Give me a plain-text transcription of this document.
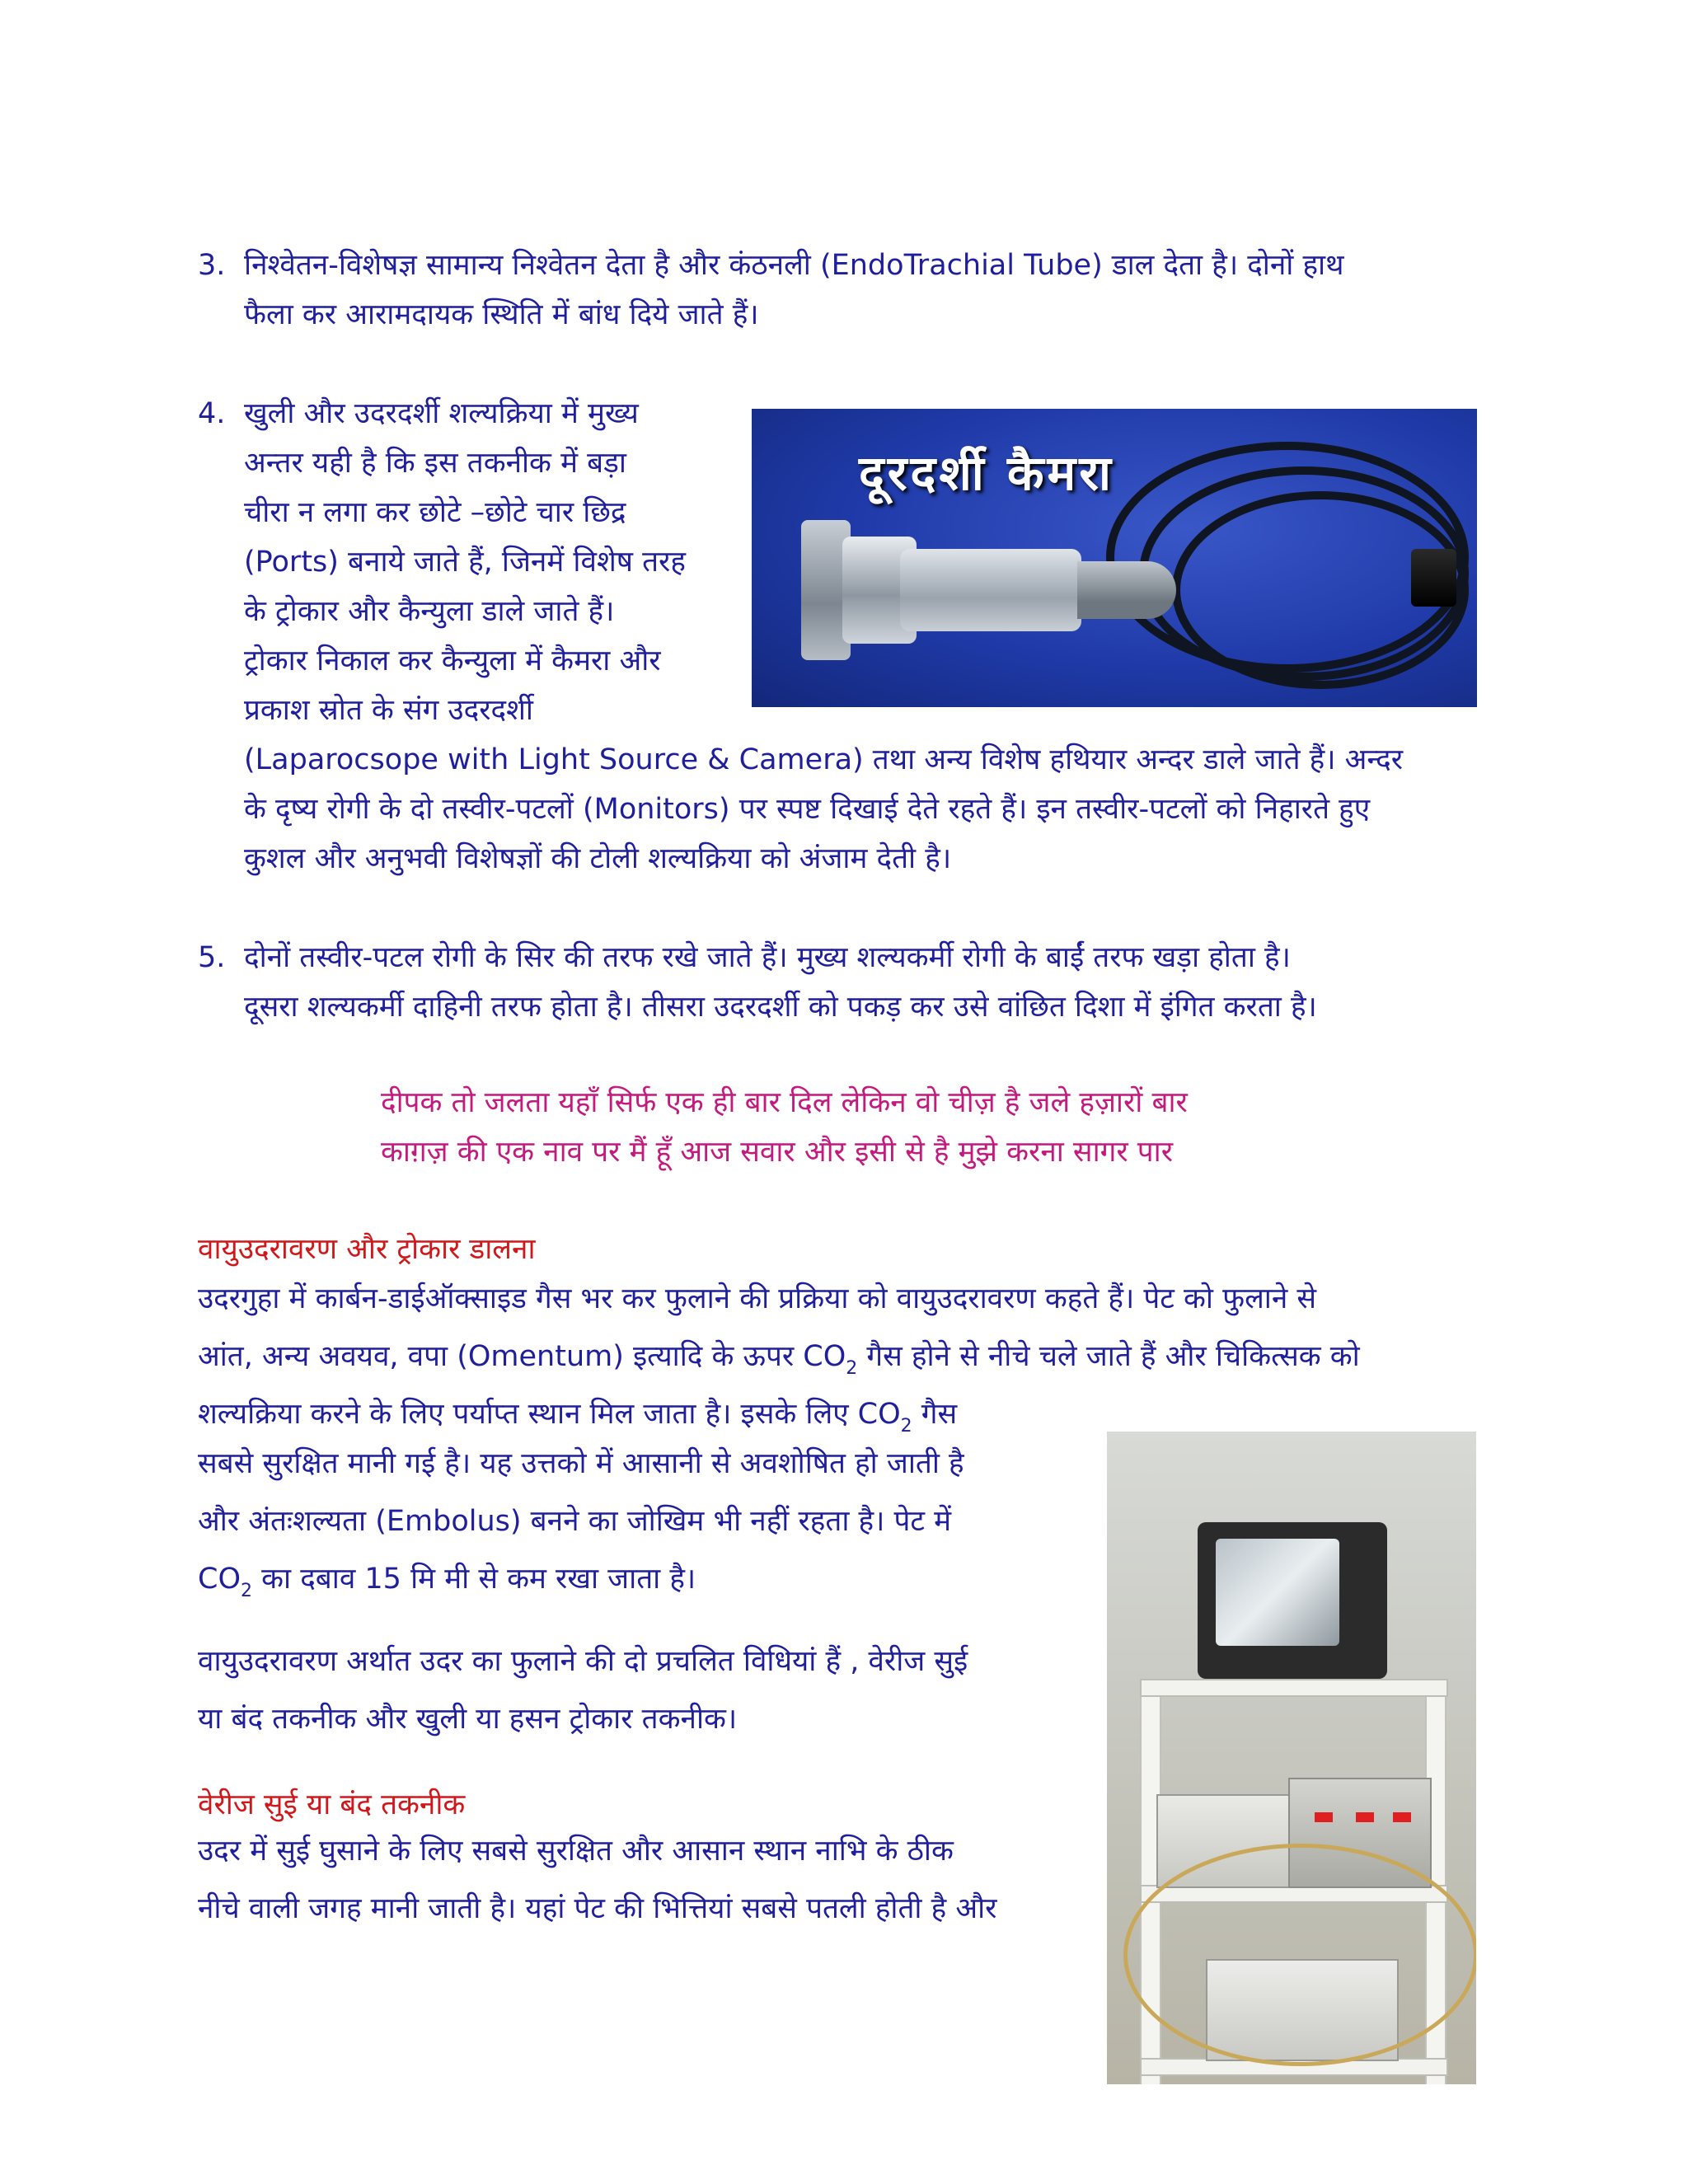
3. निश्वेतन-विशेषज्ञ सामान्य निश्वेतन देता है और कंठनली (EndoTrachial Tube) डाल देता है। दोनों हाथ
फैला कर आरामदायक स्थिति में बांध दिये जाते हैं।
4. खुली और उदरदर्शी शल्यक्रिया में मुख्य
अन्तर यही है कि इस तकनीक में बड़ा
चीरा न लगा कर छोटे –छोटे चार छिद्र
(Ports) बनाये जाते हैं, जिनमें विशेष तरह
के ट्रोकार और कैन्युला डाले जाते हैं।
ट्रोकार निकाल कर कैन्युला में कैमरा और
प्रकाश स्रोत के संग उदरदर्शी
(Laparocsope with Light Source & Camera) तथा अन्य विशेष हथियार अन्दर डाले जाते हैं। अन्दर
के दृष्य रोगी के दो तस्वीर-पटलों (Monitors) पर स्पष्ट दिखाई देते रहते हैं। इन तस्वीर-पटलों को निहारते हुए
कुशल और अनुभवी विशेषज्ञों की टोली शल्यक्रिया को अंजाम देती है।
दूरदर्शी कैमरा
5. दोनों तस्वीर-पटल रोगी के सिर की तरफ रखे जाते हैं। मुख्य शल्यकर्मी रोगी के बाईं तरफ खड़ा होता है।
दूसरा शल्यकर्मी दाहिनी तरफ होता है। तीसरा उदरदर्शी को पकड़ कर उसे वांछित दिशा में इंगित करता है।
दीपक तो जलता यहाँ सिर्फ एक ही बार दिल लेकिन वो चीज़ है जले हज़ारों बार
काग़ज़ की एक नाव पर मैं हूँ आज सवार और इसी से है मुझे करना सागर पार
वायुउदरावरण और ट्रोकार डालना
उदरगुहा में कार्बन-डाईऑक्साइड गैस भर कर फुलाने की प्रक्रिया को वायुउदरावरण कहते हैं। पेट को फुलाने से
आंत, अन्य अवयव, वपा (Omentum) इत्यादि के ऊपर $CO_2$ गैस होने से नीचे चले जाते हैं और चिकित्सक को
शल्यक्रिया करने के लिए पर्याप्त स्थान मिल जाता है। इसके लिए $CO_2$ गैस
सबसे सुरक्षित मानी गई है। यह उत्तको में आसानी से अवशोषित हो जाती है
और अंतःशल्यता (Embolus) बनने का जोखिम भी नहीं रहता है। पेट में
$CO_2$ का दबाव 15 मि मी से कम रखा जाता है।
वायुउदरावरण अर्थात उदर का फुलाने की दो प्रचलित विधियां हैं , वेरीज सुई
या बंद तकनीक और खुली या हसन ट्रोकार तकनीक।
वेरीज सुई या बंद तकनीक
उदर में सुई घुसाने के लिए सबसे सुरक्षित और आसान स्थान नाभि के ठीक
नीचे वाली जगह मानी जाती है। यहां पेट की भित्तियां सबसे पतली होती है और
